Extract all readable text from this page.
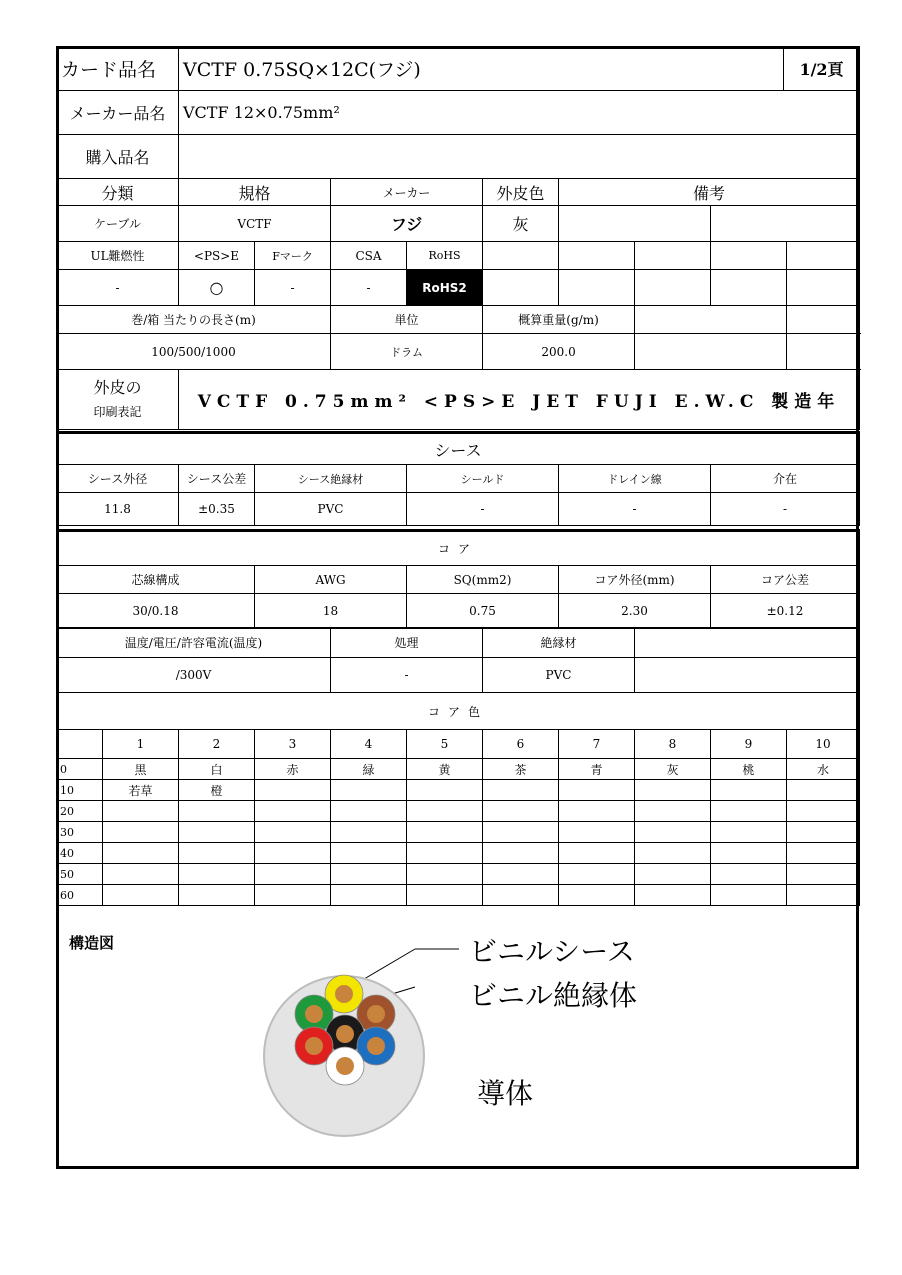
カード品名	VCTF 0.75SQ×12C(フジ)	1/2頁
メーカー品名	VCTF 12×0.75mm²	
購入品名		
分類	規格		メーカー		外皮色	備考			
ケーブル	VCTF		フジ		灰				
UL難燃性	<PS>E	Fマーク	CSA	RoHS					
-	○	-	-	RoHS2					
巻/箱 当たりの長さ(m)			単位		概算重量(g/m)				
100/500/1000			ドラム		200.0				
外皮の
印刷表記	VCTF 0.75mm² <PS>E JET FUJI E.W.C 製造年
シース					
シース外径	シース公差	シース絶縁材	シールド	ドレイン線	介在
11.8	±0.35	PVC	-	-	-
コア				
芯線構成	AWG	SQ(mm2)	コア外径(mm)	コア公差
30/0.18	18	0.75	2.30	±0.12
温度/電圧/許容電流(温度)	処理	絶縁材	
/300V	-	PVC	
コア色										
	1	2	3	4	5	6	7	8	9	10
0	黒	白	赤	緑	黄	茶	青	灰	桃	水
10	若草	橙								
20										
30										
40										
50										
60										
構造図	ビニルシース
ビニル絶縁体
導体
